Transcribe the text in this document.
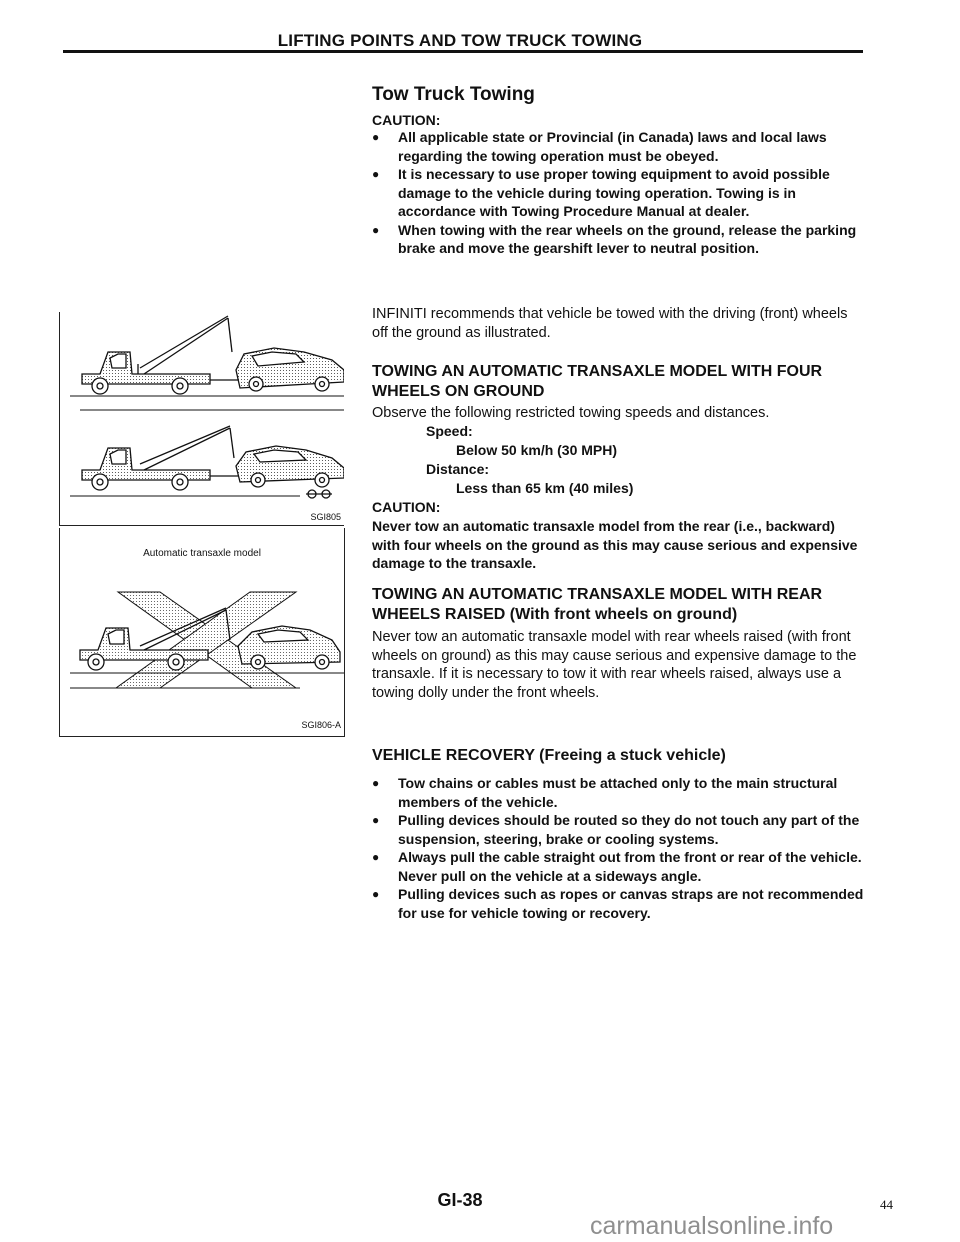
LIFTING POINTS AND TOW TRUCK TOWING
SGI805
Automatic transaxle model
SGI806-A
Tow Truck Towing
CAUTION:
● All applicable state or Provincial (in Canada) laws and local laws regarding the towing operation must be obeyed.
● It is necessary to use proper towing equipment to avoid possible damage to the vehicle during towing operation. Towing is in accordance with Towing Procedure Manual at dealer.
● When towing with the rear wheels on the ground, release the parking brake and move the gearshift lever to neutral position.
INFINITI recommends that vehicle be towed with the driving (front) wheels off the ground as illustrated.
TOWING AN AUTOMATIC TRANSAXLE MODEL WITH FOUR WHEELS ON GROUND
Observe the following restricted towing speeds and distances.
Speed:
Below 50 km/h (30 MPH)
Distance:
Less than 65 km (40 miles)
CAUTION:
Never tow an automatic transaxle model from the rear (i.e., backward) with four wheels on the ground as this may cause serious and expensive damage to the transaxle.
TOWING AN AUTOMATIC TRANSAXLE MODEL WITH REAR WHEELS RAISED (With front wheels on ground)
Never tow an automatic transaxle model with rear wheels raised (with front wheels on ground) as this may cause serious and expensive damage to the transaxle. If it is necessary to tow it with rear wheels raised, always use a towing dolly under the front wheels.
VEHICLE RECOVERY (Freeing a stuck vehicle)
● Tow chains or cables must be attached only to the main structural members of the vehicle.
● Pulling devices should be routed so they do not touch any part of the suspension, steering, brake or cooling systems.
● Always pull the cable straight out from the front or rear of the vehicle. Never pull on the vehicle at a sideways angle.
● Pulling devices such as ropes or canvas straps are not recommended for use for vehicle towing or recovery.
GI-38	44
carmanualsonline.info
